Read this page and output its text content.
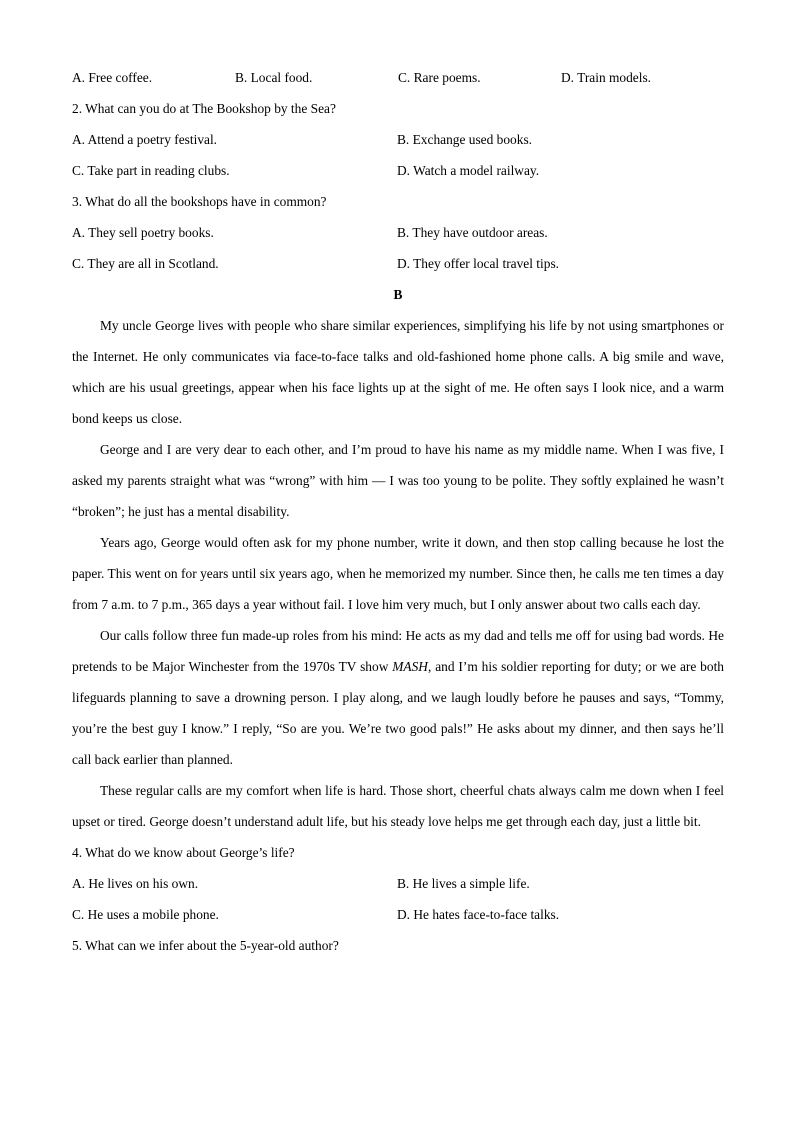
A. Free coffee.	B. Local food.	C. Rare poems.	D. Train models.
2. What can you do at The Bookshop by the Sea?
A. Attend a poetry festival.	B. Exchange used books.
C. Take part in reading clubs.	D. Watch a model railway.
3. What do all the bookshops have in common?
A. They sell poetry books.	B. They have outdoor areas.
C. They are all in Scotland.	D. They offer local travel tips.
B

My uncle George lives with people who share similar experiences, simplifying his life by not using smartphones or the Internet. He only communicates via face-to-face talks and old-fashioned home phone calls. A big smile and wave, which are his usual greetings, appear when his face lights up at the sight of me. He often says I look nice, and a warm bond keeps us close.

George and I are very dear to each other, and I’m proud to have his name as my middle name. When I was five, I asked my parents straight what was “wrong” with him — I was too young to be polite. They softly explained he wasn’t “broken”; he just has a mental disability.

Years ago, George would often ask for my phone number, write it down, and then stop calling because he lost the paper. This went on for years until six years ago, when he memorized my number. Since then, he calls me ten times a day from 7 a.m. to 7 p.m., 365 days a year without fail. I love him very much, but I only answer about two calls each day.

Our calls follow three fun made-up roles from his mind: He acts as my dad and tells me off for using bad words. He pretends to be Major Winchester from the 1970s TV show MASH, and I’m his soldier reporting for duty; or we are both lifeguards planning to save a drowning person. I play along, and we laugh loudly before he pauses and says, “Tommy, you’re the best guy I know.” I reply, “So are you. We’re two good pals!” He asks about my dinner, and then says he’ll call back earlier than planned.

These regular calls are my comfort when life is hard. Those short, cheerful chats always calm me down when I feel upset or tired. George doesn’t understand adult life, but his steady love helps me get through each day, just a little bit.

4. What do we know about George’s life?
A. He lives on his own.	B. He lives a simple life.
C. He uses a mobile phone.	D. He hates face-to-face talks.
5. What can we infer about the 5-year-old author?
